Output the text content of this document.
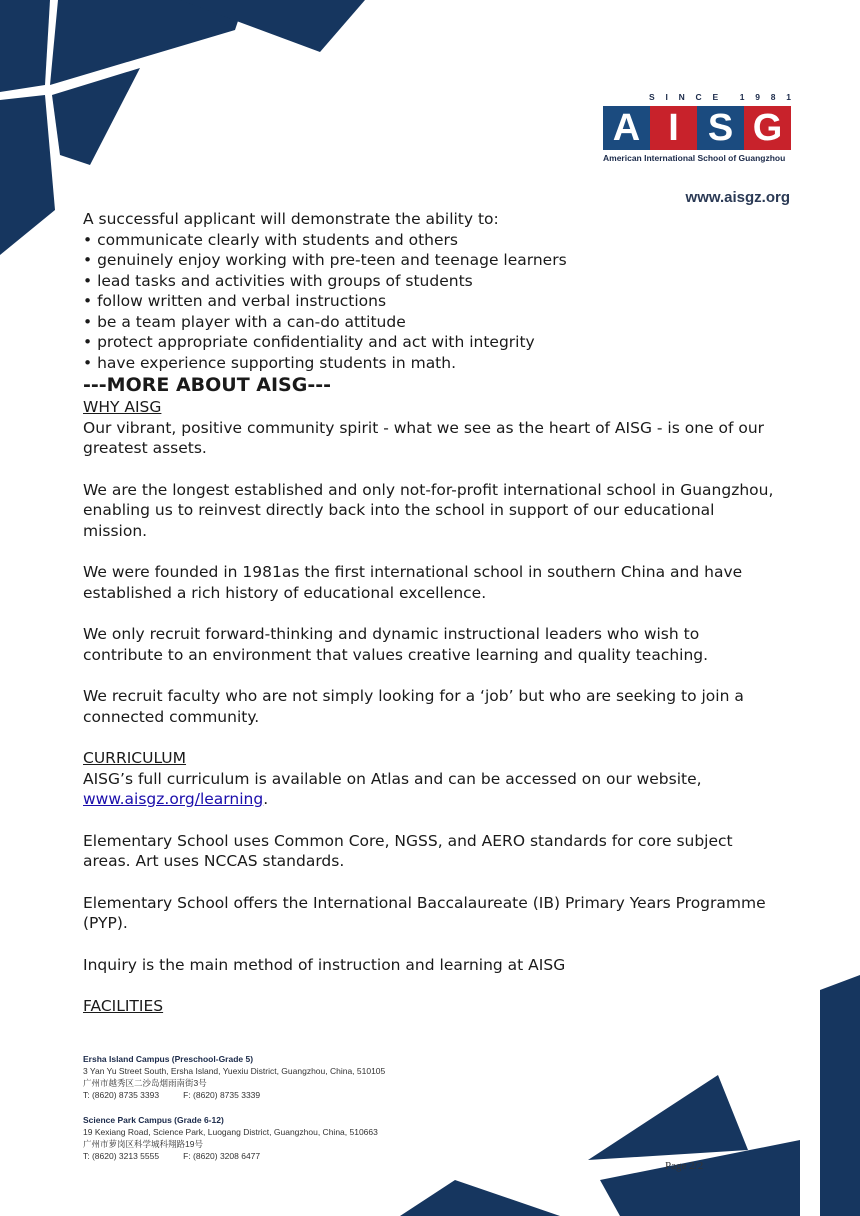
S I N C E	1 9 8 1
A I S G
American International School of Guangzhou
www.aisgz.org

A successful applicant will demonstrate the ability to:

• communicate clearly with students and others
• genuinely enjoy working with pre-teen and teenage learners
• lead tasks and activities with groups of students
• follow written and verbal instructions
• be a team player with a can-do attitude
• protect appropriate confidentiality and act with integrity
• have experience supporting students in math.

---MORE ABOUT AISG---

WHY AISG

Our vibrant, positive community spirit - what we see as the heart of AISG - is one of our greatest assets.

We are the longest established and only not-for-profit international school in Guangzhou, enabling us to reinvest directly back into the school in support of our educational mission.

We were founded in 1981as the first international school in southern China and have established a rich history of educational excellence.

We only recruit forward-thinking and dynamic instructional leaders who wish to contribute to an environment that values creative learning and quality teaching.

We recruit faculty who are not simply looking for a ‘job’ but who are seeking to join a connected community.

CURRICULUM

AISG’s full curriculum is available on Atlas and can be accessed on our website, www.aisgz.org/learning.

Elementary School uses Common Core, NGSS, and AERO standards for core subject areas. Art uses NCCAS standards.

Elementary School offers the International Baccalaureate (IB) Primary Years Programme (PYP).

Inquiry is the main method of instruction and learning at AISG

FACILITIES

Ersha Island Campus (Preschool-Grade 5)
3 Yan Yu Street South, Ersha Island, Yuexiu District, Guangzhou, China, 510105
广州市越秀区二沙岛烟雨南街3号
T: (8620) 8735 3393	F: (8620) 8735 3339
Science Park Campus (Grade 6-12)
19 Kexiang Road, Science Park, Luogang District, Guangzhou, China, 510663
广州市萝岗区科学城科翔路19号
T: (8620) 3213 5555	F: (8620) 3208 6477
Page 2/2
